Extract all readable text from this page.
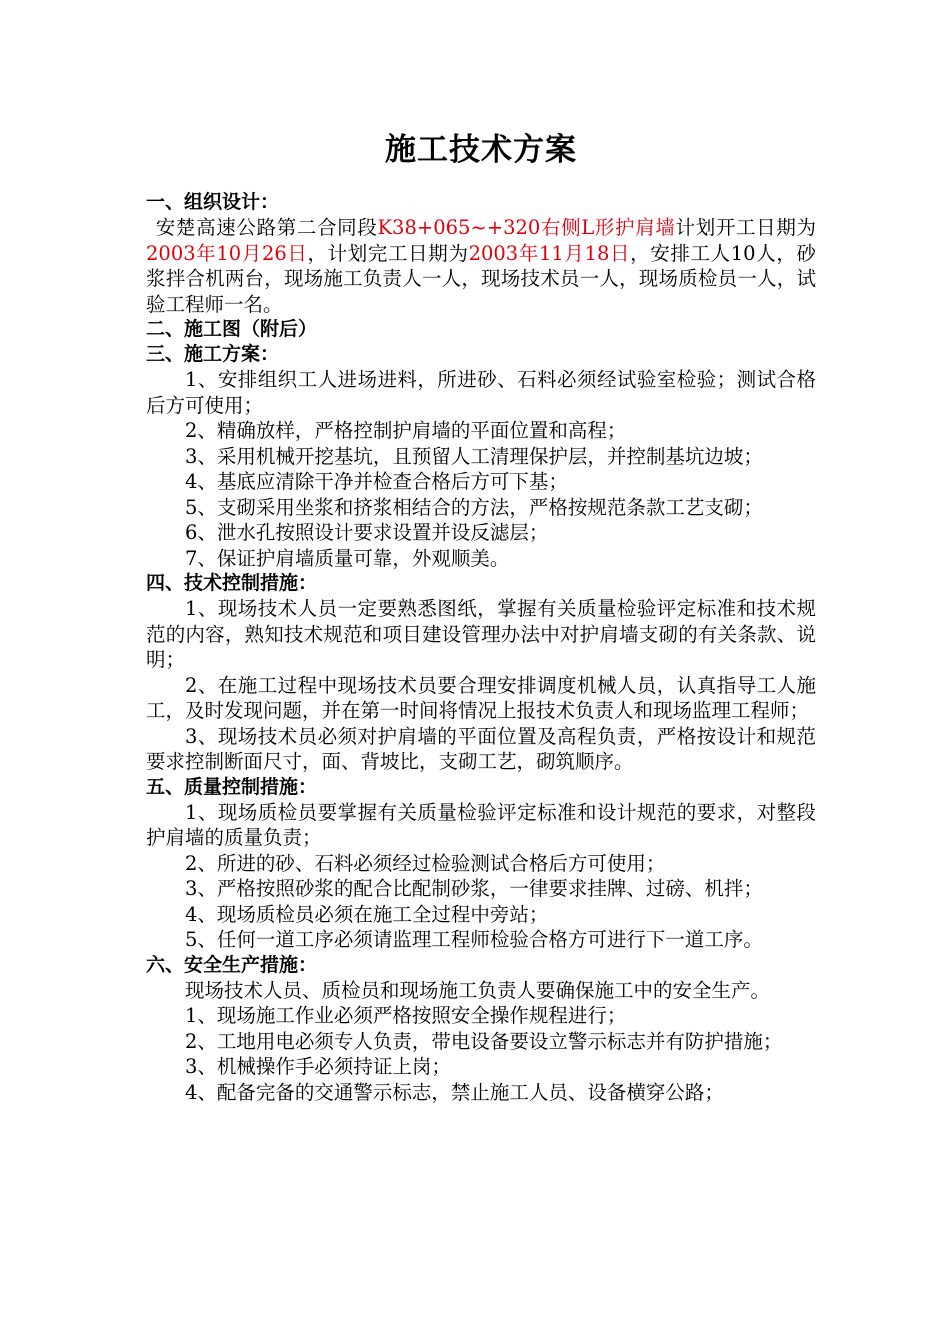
施工技术方案

一、组织设计：

安楚高速公路第二合同段K38+065~+320右侧L形护肩墙计划开工日期为2003年10月26日，计划完工日期为2003年11月18日，安排工人10人，砂浆拌合机两台，现场施工负责人一人，现场技术员一人，现场质检员一人，试验工程师一名。

二、施工图（附后）

三、施工方案：

1、安排组织工人进场进料，所进砂、石料必须经试验室检验；测试合格后方可使用；

2、精确放样，严格控制护肩墙的平面位置和高程；

3、采用机械开挖基坑，且预留人工清理保护层，并控制基坑边坡；

4、基底应清除干净并检查合格后方可下基；

5、支砌采用坐浆和挤浆相结合的方法，严格按规范条款工艺支砌；

6、泄水孔按照设计要求设置并设反滤层；

7、保证护肩墙质量可靠，外观顺美。

四、技术控制措施：

1、现场技术人员一定要熟悉图纸，掌握有关质量检验评定标准和技术规范的内容，熟知技术规范和项目建设管理办法中对护肩墙支砌的有关条款、说明；

2、在施工过程中现场技术员要合理安排调度机械人员，认真指导工人施工，及时发现问题，并在第一时间将情况上报技术负责人和现场监理工程师；

3、现场技术员必须对护肩墙的平面位置及高程负责，严格按设计和规范要求控制断面尺寸，面、背坡比，支砌工艺，砌筑顺序。

五、质量控制措施：

1、现场质检员要掌握有关质量检验评定标准和设计规范的要求，对整段护肩墙的质量负责；

2、所进的砂、石料必须经过检验测试合格后方可使用；

3、严格按照砂浆的配合比配制砂浆，一律要求挂牌、过磅、机拌；

4、现场质检员必须在施工全过程中旁站；

5、任何一道工序必须请监理工程师检验合格方可进行下一道工序。

六、安全生产措施：

现场技术人员、质检员和现场施工负责人要确保施工中的安全生产。

1、现场施工作业必须严格按照安全操作规程进行；

2、工地用电必须专人负责，带电设备要设立警示标志并有防护措施；

3、机械操作手必须持证上岗；

4、配备完备的交通警示标志，禁止施工人员、设备横穿公路；
